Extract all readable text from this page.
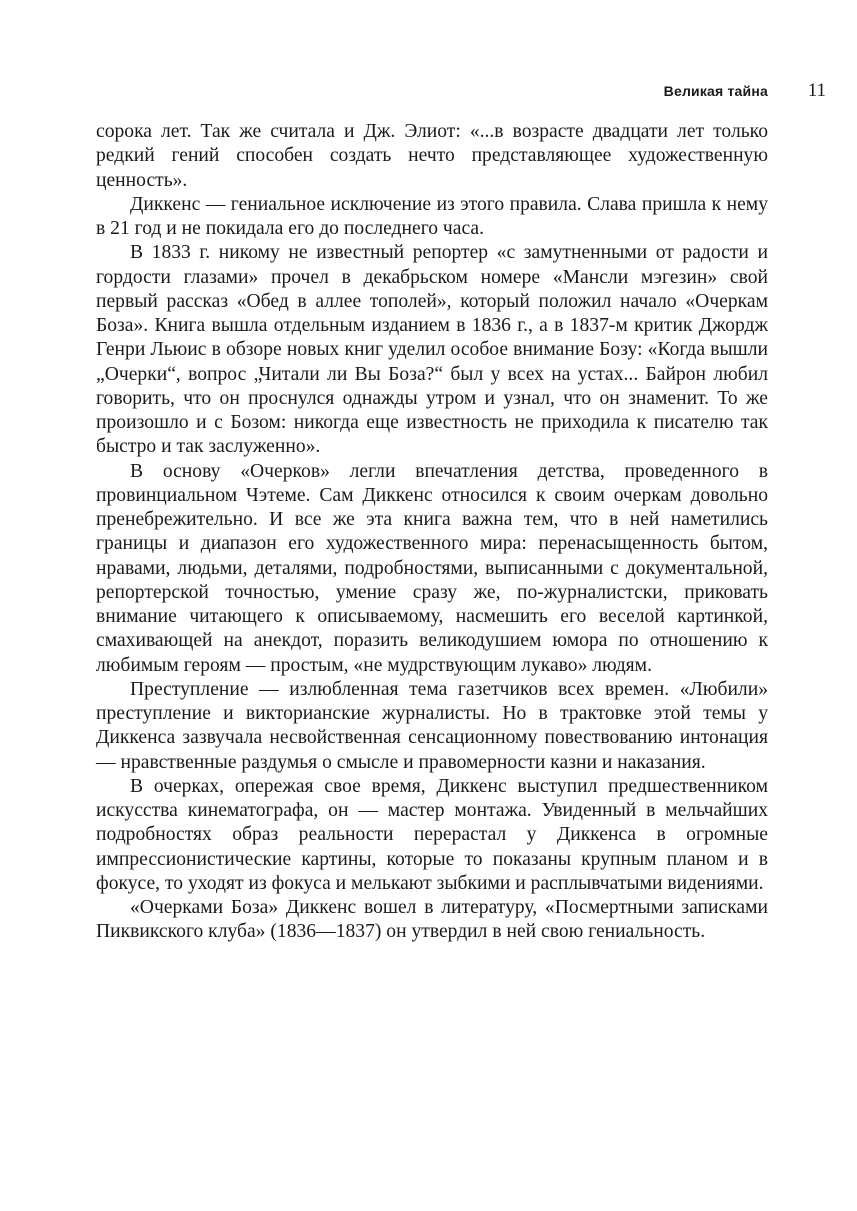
Великая тайна 11

сорока лет. Так же считала и Дж. Элиот: «...в возрасте двадцати лет только редкий гений способен создать нечто представляющее художественную ценность».

Диккенс — гениальное исключение из этого правила. Слава пришла к нему в 21 год и не покидала его до последнего часа.

В 1833 г. никому не известный репортер «с замутненными от радости и гордости глазами» прочел в декабрьском номере «Мансли мэгезин» свой первый рассказ «Обед в аллее тополей», который положил начало «Очеркам Боза». Книга вышла отдельным изданием в 1836 г., а в 1837-м критик Джордж Генри Льюис в обзоре новых книг уделил особое внимание Бозу: «Когда вышли „Очерки“, вопрос „Читали ли Вы Боза?“ был у всех на устах... Байрон любил говорить, что он проснулся однажды утром и узнал, что он знаменит. То же произошло и с Бозом: никогда еще известность не приходила к писателю так быстро и так заслуженно».

В основу «Очерков» легли впечатления детства, проведенного в провинциальном Чэтеме. Сам Диккенс относился к своим очеркам довольно пренебрежительно. И все же эта книга важна тем, что в ней наметились границы и диапазон его художественного мира: перенасыщенность бытом, нравами, людьми, деталями, подробностями, выписанными с документальной, репортерской точностью, умение сразу же, по-журналистски, приковать внимание читающего к описываемому, насмешить его веселой картинкой, смахивающей на анекдот, поразить великодушием юмора по отношению к любимым героям — простым, «не мудрствующим лукаво» людям.

Преступление — излюбленная тема газетчиков всех времен. «Любили» преступление и викторианские журналисты. Но в трактовке этой темы у Диккенса зазвучала несвойственная сенсационному повествованию интонация — нравственные раздумья о смысле и правомерности казни и наказания.

В очерках, опережая свое время, Диккенс выступил предшественником искусства кинематографа, он — мастер монтажа. Увиденный в мельчайших подробностях образ реальности перерастал у Диккенса в огромные импрессионистические картины, которые то показаны крупным планом и в фокусе, то уходят из фокуса и мелькают зыбкими и расплывчатыми видениями.

«Очерками Боза» Диккенс вошел в литературу, «Посмертными записками Пиквикского клуба» (1836—1837) он утвердил в ней свою гениальность.
